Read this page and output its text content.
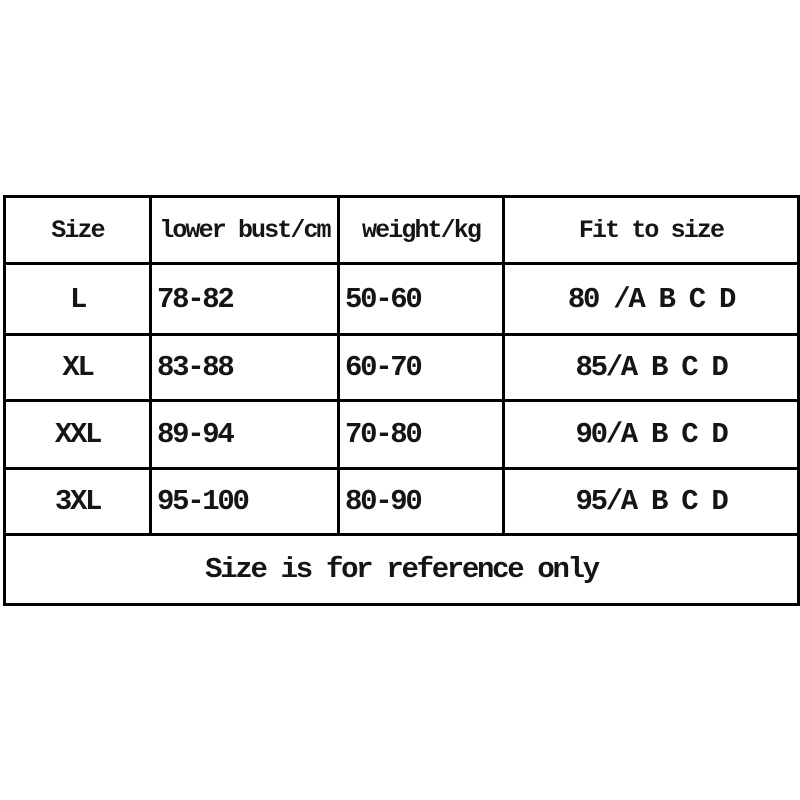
Size	lower bust/cm	weight/kg	Fit to size
L	78-82	50-60	80 /A B C D
XL	83-88	60-70	85/A B C D
XXL	89-94	70-80	90/A B C D
3XL	95-100	80-90	95/A B C D
Size is for reference only			
